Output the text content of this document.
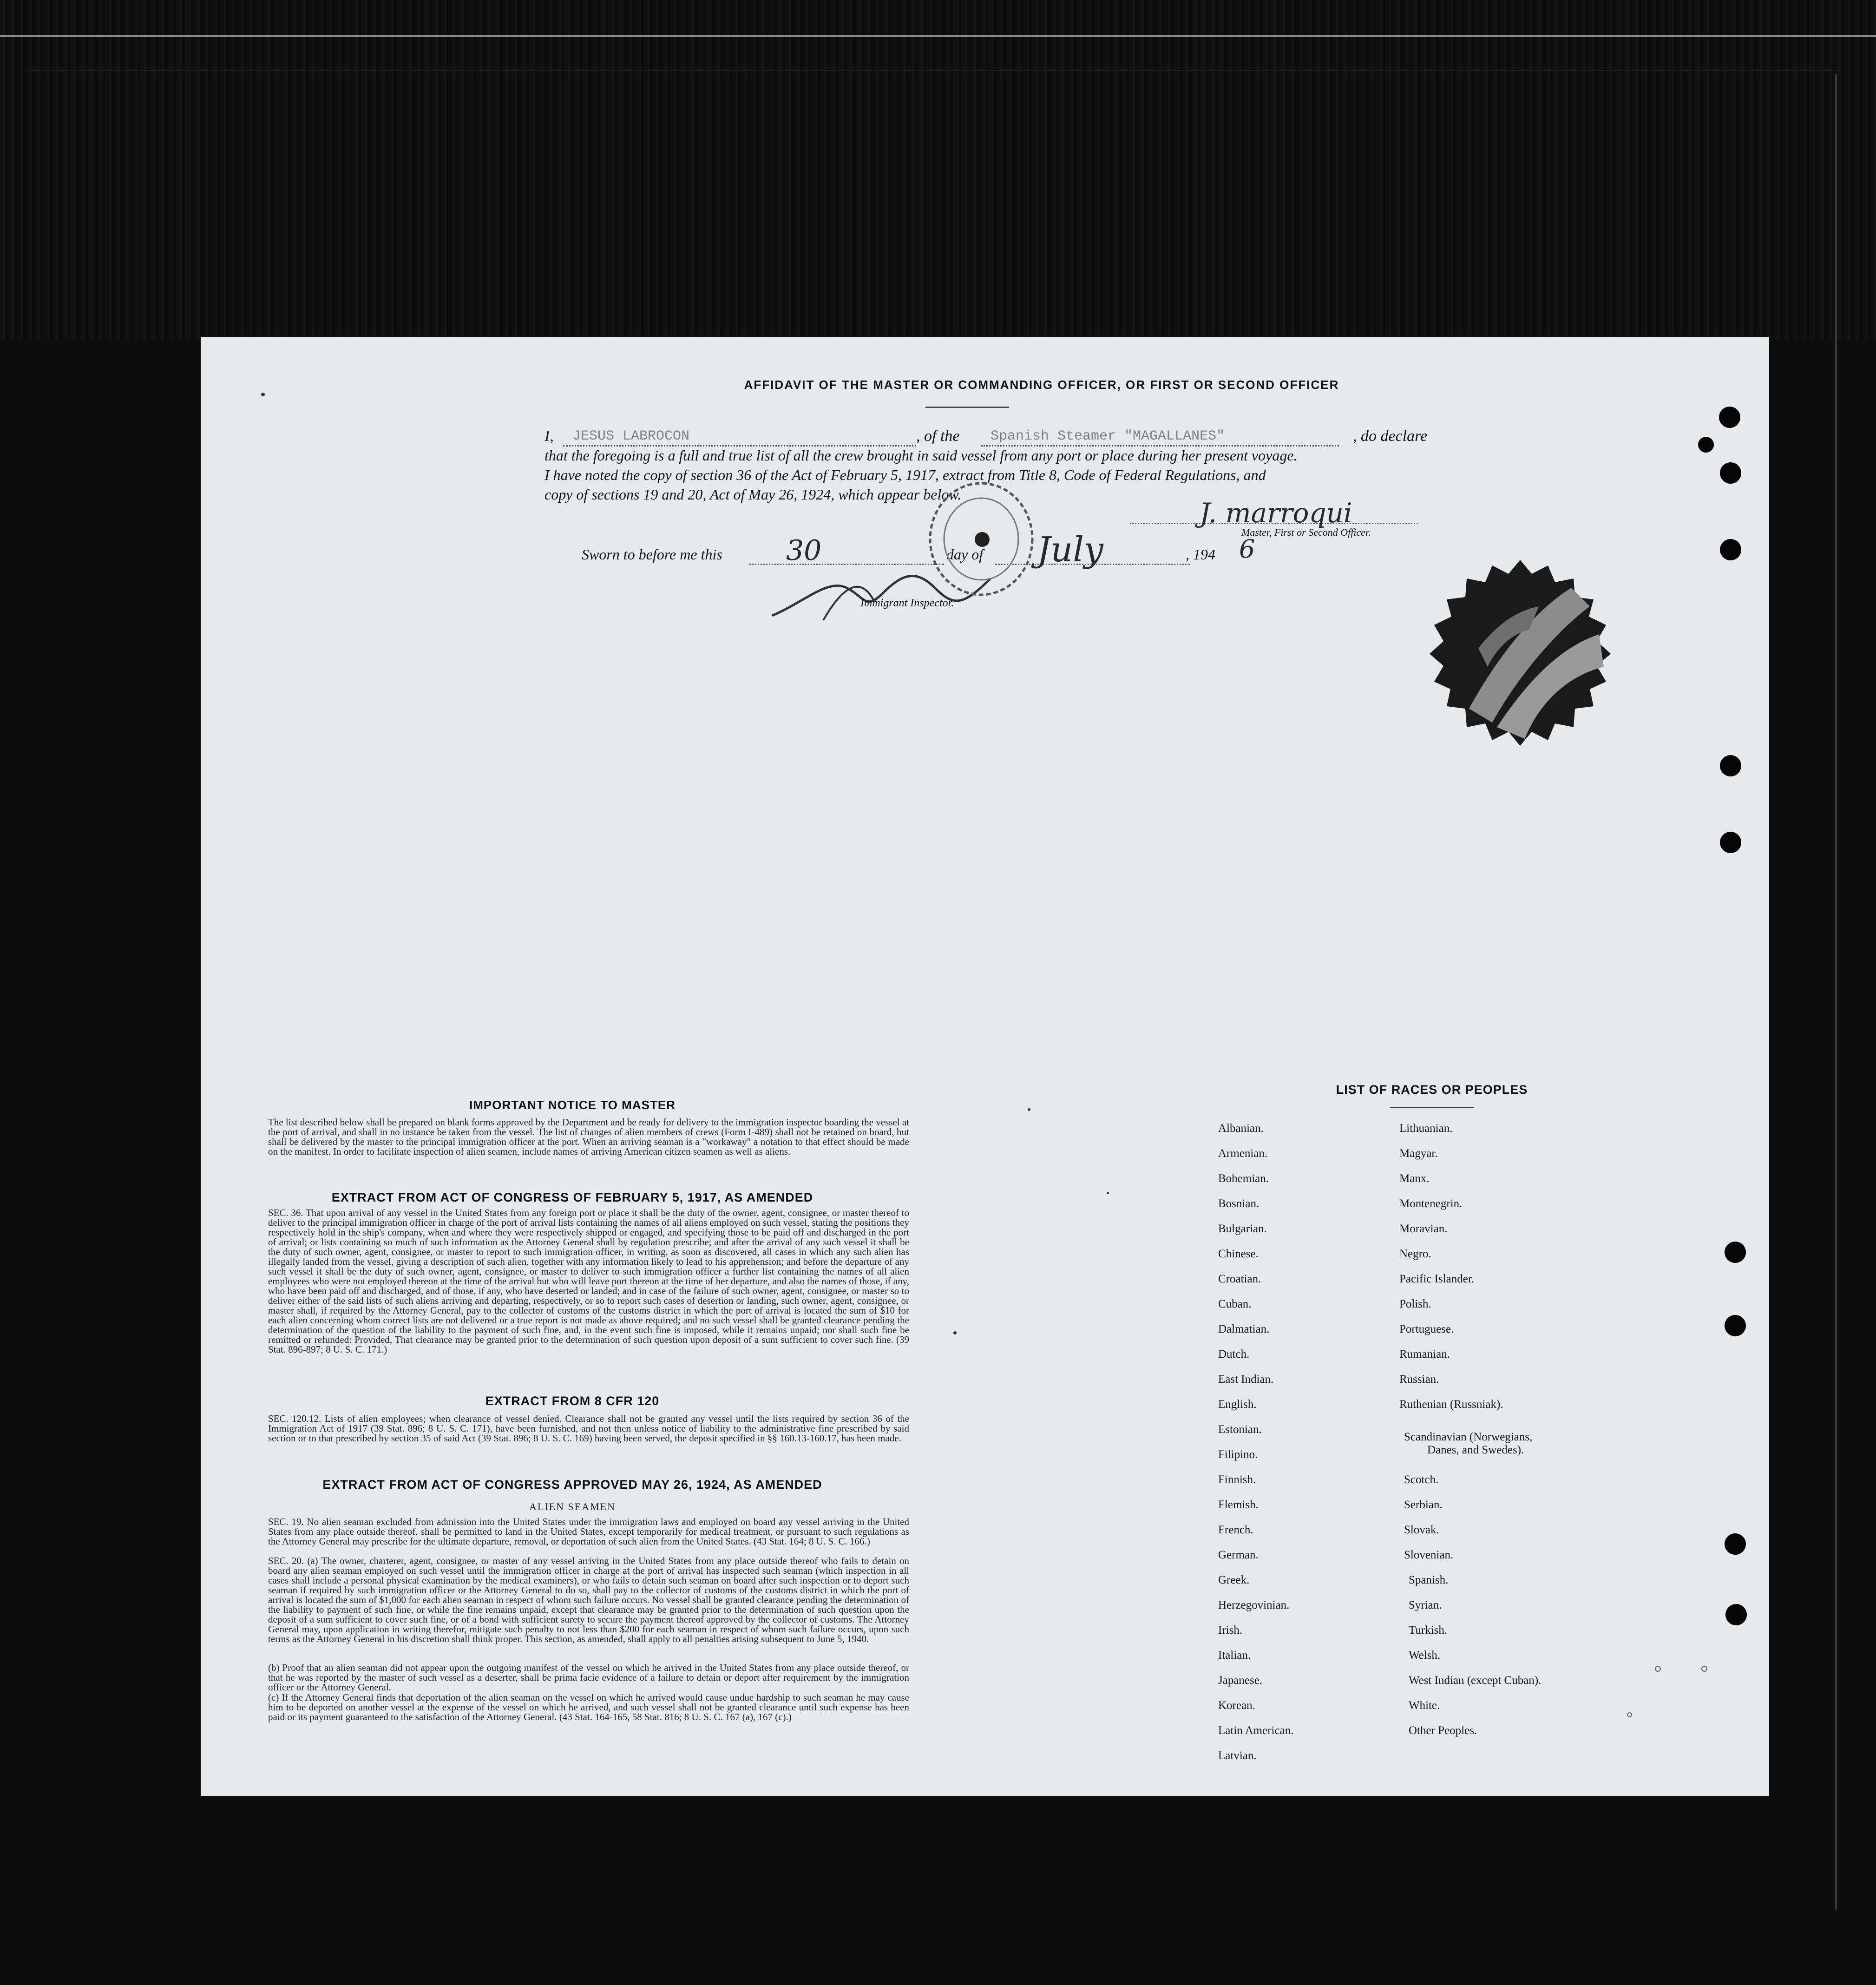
AFFIDAVIT OF THE MASTER OR COMMANDING OFFICER, OR FIRST OR SECOND OFFICER
I, JESUS LABROCON	, of the Spanish Steamer "MAGALLANES"	, do declare
that the foregoing is a full and true list of all the crew brought in said vessel from any port or place during her present voyage.
I have noted the copy of section 36 of the Act of February 5, 1917, extract from Title 8, Code of Federal Regulations, and
copy of sections 19 and 20, Act of May 26, 1924, which appear below.
J. marroqui
Master, First or Second Officer.
Sworn to before me this 30	day of July	, 194 6
Immigrant Inspector.
IMPORTANT NOTICE TO MASTER
The list described below shall be prepared on blank forms approved by the Department and be ready for delivery to the immigration inspector boarding the vessel at the port of arrival, and shall in no instance be taken from the vessel. The list of changes of alien members of crews (Form I-489) shall not be retained on board, but shall be delivered by the master to the principal immigration officer at the port. When an arriving seaman is a "workaway" a notation to that effect should be made on the manifest. In order to facilitate inspection of alien seamen, include names of arriving American citizen seamen as well as aliens.
EXTRACT FROM ACT OF CONGRESS OF FEBRUARY 5, 1917, AS AMENDED
SEC. 36. That upon arrival of any vessel in the United States from any foreign port or place it shall be the duty of the owner, agent, consignee, or master thereof to deliver to the principal immigration officer in charge of the port of arrival lists containing the names of all aliens employed on such vessel, stating the positions they respectively hold in the ship's company, when and where they were respectively shipped or engaged, and specifying those to be paid off and discharged in the port of arrival; or lists containing so much of such information as the Attorney General shall by regulation prescribe; and after the arrival of any such vessel it shall be the duty of such owner, agent, consignee, or master to report to such immigration officer, in writing, as soon as discovered, all cases in which any such alien has illegally landed from the vessel, giving a description of such alien, together with any information likely to lead to his apprehension; and before the departure of any such vessel it shall be the duty of such owner, agent, consignee, or master to deliver to such immigration officer a further list containing the names of all alien employees who were not employed thereon at the time of the arrival but who will leave port thereon at the time of her departure, and also the names of those, if any, who have been paid off and discharged, and of those, if any, who have deserted or landed; and in case of the failure of such owner, agent, consignee, or master so to deliver either of the said lists of such aliens arriving and departing, respectively, or so to report such cases of desertion or landing, such owner, agent, consignee, or master shall, if required by the Attorney General, pay to the collector of customs of the customs district in which the port of arrival is located the sum of $10 for each alien concerning whom correct lists are not delivered or a true report is not made as above required; and no such vessel shall be granted clearance pending the determination of the question of the liability to the payment of such fine, and, in the event such fine is imposed, while it remains unpaid; nor shall such fine be remitted or refunded: Provided, That clearance may be granted prior to the determination of such question upon deposit of a sum sufficient to cover such fine. (39 Stat. 896-897; 8 U. S. C. 171.)
EXTRACT FROM 8 CFR 120
SEC. 120.12. Lists of alien employees; when clearance of vessel denied. Clearance shall not be granted any vessel until the lists required by section 36 of the Immigration Act of 1917 (39 Stat. 896; 8 U. S. C. 171), have been furnished, and not then unless notice of liability to the administrative fine prescribed by said section or to that prescribed by section 35 of said Act (39 Stat. 896; 8 U. S. C. 169) having been served, the deposit specified in §§ 160.13-160.17, has been made.
EXTRACT FROM ACT OF CONGRESS APPROVED MAY 26, 1924, AS AMENDED
ALIEN SEAMEN
SEC. 19. No alien seaman excluded from admission into the United States under the immigration laws and employed on board any vessel arriving in the United States from any place outside thereof, shall be permitted to land in the United States, except temporarily for medical treatment, or pursuant to such regulations as the Attorney General may prescribe for the ultimate departure, removal, or deportation of such alien from the United States. (43 Stat. 164; 8 U. S. C. 166.)
SEC. 20. (a) The owner, charterer, agent, consignee, or master of any vessel arriving in the United States from any place outside thereof who fails to detain on board any alien seaman employed on such vessel until the immigration officer in charge at the port of arrival has inspected such seaman (which inspection in all cases shall include a personal physical examination by the medical examiners), or who fails to detain such seaman on board after such inspection or to deport such seaman if required by such immigration officer or the Attorney General to do so, shall pay to the collector of customs of the customs district in which the port of arrival is located the sum of $1,000 for each alien seaman in respect of whom such failure occurs. No vessel shall be granted clearance pending the determination of the liability to payment of such fine, or while the fine remains unpaid, except that clearance may be granted prior to the determination of such question upon the deposit of a sum sufficient to cover such fine, or of a bond with sufficient surety to secure the payment thereof approved by the collector of customs. The Attorney General may, upon application in writing therefor, mitigate such penalty to not less than $200 for each seaman in respect of whom such failure occurs, upon such terms as the Attorney General in his discretion shall think proper. This section, as amended, shall apply to all penalties arising subsequent to June 5, 1940.
(b) Proof that an alien seaman did not appear upon the outgoing manifest of the vessel on which he arrived in the United States from any place outside thereof, or that he was reported by the master of such vessel as a deserter, shall be prima facie evidence of a failure to detain or deport after requirement by the immigration officer or the Attorney General.
(c) If the Attorney General finds that deportation of the alien seaman on the vessel on which he arrived would cause undue hardship to such seaman he may cause him to be deported on another vessel at the expense of the vessel on which he arrived, and such vessel shall not be granted clearance until such expense has been paid or its payment guaranteed to the satisfaction of the Attorney General. (43 Stat. 164-165, 58 Stat. 816; 8 U. S. C. 167 (a), 167 (c).)
LIST OF RACES OR PEOPLES
Albanian.
Armenian.
Bohemian.
Bosnian.
Bulgarian.
Chinese.
Croatian.
Cuban.
Dalmatian.
Dutch.
East Indian.
English.
Estonian.
Filipino.
Finnish.
Flemish.
French.
German.
Greek.
Herzegovinian.
Irish.
Italian.
Japanese.
Korean.
Latin American.
Latvian.
Lithuanian.
Magyar.
Manx.
Montenegrin.
Moravian.
Negro.
Pacific Islander.
Polish.
Portuguese.
Rumanian.
Russian.
Ruthenian (Russniak).
Scandinavian (Norwegians,
Danes, and Swedes).
Scotch.
Serbian.
Slovak.
Slovenian.
Spanish.
Syrian.
Turkish.
Welsh.
West Indian (except Cuban).
White.
Other Peoples.
